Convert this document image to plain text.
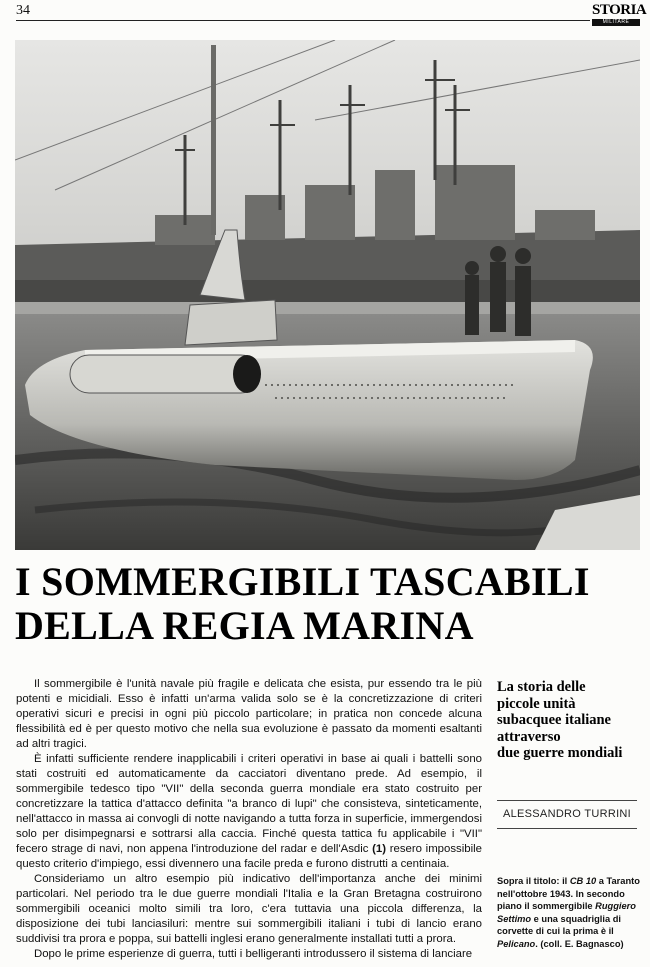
34	STORIA
MILITARE
I SOMMERGIBILI TASCABILI
DELLA REGIA MARINA

Il sommergibile è l'unità navale più fragile e delicata che esista, pur essendo tra le più potenti e micidiali. Esso è infatti un'arma valida solo se è la concretizzazione di criteri operativi sicuri e precisi in ogni più piccolo particolare; in pratica non concede alcuna flessibilità ed è per questo motivo che nella sua evoluzione è passato da momenti esaltanti ad altri tragici.

È infatti sufficiente rendere inapplicabili i criteri operativi in base ai quali i battelli sono stati costruiti ed automaticamente da cacciatori diventano prede. Ad esempio, il sommergibile tedesco tipo "VII" della seconda guerra mondiale era stato costruito per concretizzare la tattica d'attacco definita "a branco di lupi" che consisteva, sinteticamente, nell'attacco in massa ai convogli di notte navigando a tutta forza in superficie, immergendosi solo per disimpegnarsi e sottrarsi alla caccia. Finché questa tattica fu applicabile i "VII" fecero strage di navi, non appena l'introduzione del radar e dell'Asdic (1) resero impossibile questo criterio d'impiego, essi divennero una facile preda e furono distrutti a centinaia.

Consideriamo un altro esempio più indicativo dell'importanza anche dei minimi particolari. Nel periodo tra le due guerre mondiali l'Italia e la Gran Bretagna costruirono sommergibili oceanici molto simili tra loro, c'era tuttavia una piccola differenza, la disposizione dei tubi lanciasiluri: mentre sui sommergibili italiani i tubi di lancio erano suddivisi tra prora e poppa, sui battelli inglesi erano generalmente installati tutti a prora.

Dopo le prime esperienze di guerra, tutti i belligeranti introdussero il sistema di lanciare

La storia delle
piccole unità
subacquee italiane
attraverso
due guerre mondiali
ALESSANDRO TURRINI

Sopra il titolo: il CB 10 a Taranto nell'ottobre 1943. In secondo piano il sommergibile Ruggiero Settimo e una squadriglia di corvette di cui la prima è il Pelicano. (coll. E. Bagnasco)
